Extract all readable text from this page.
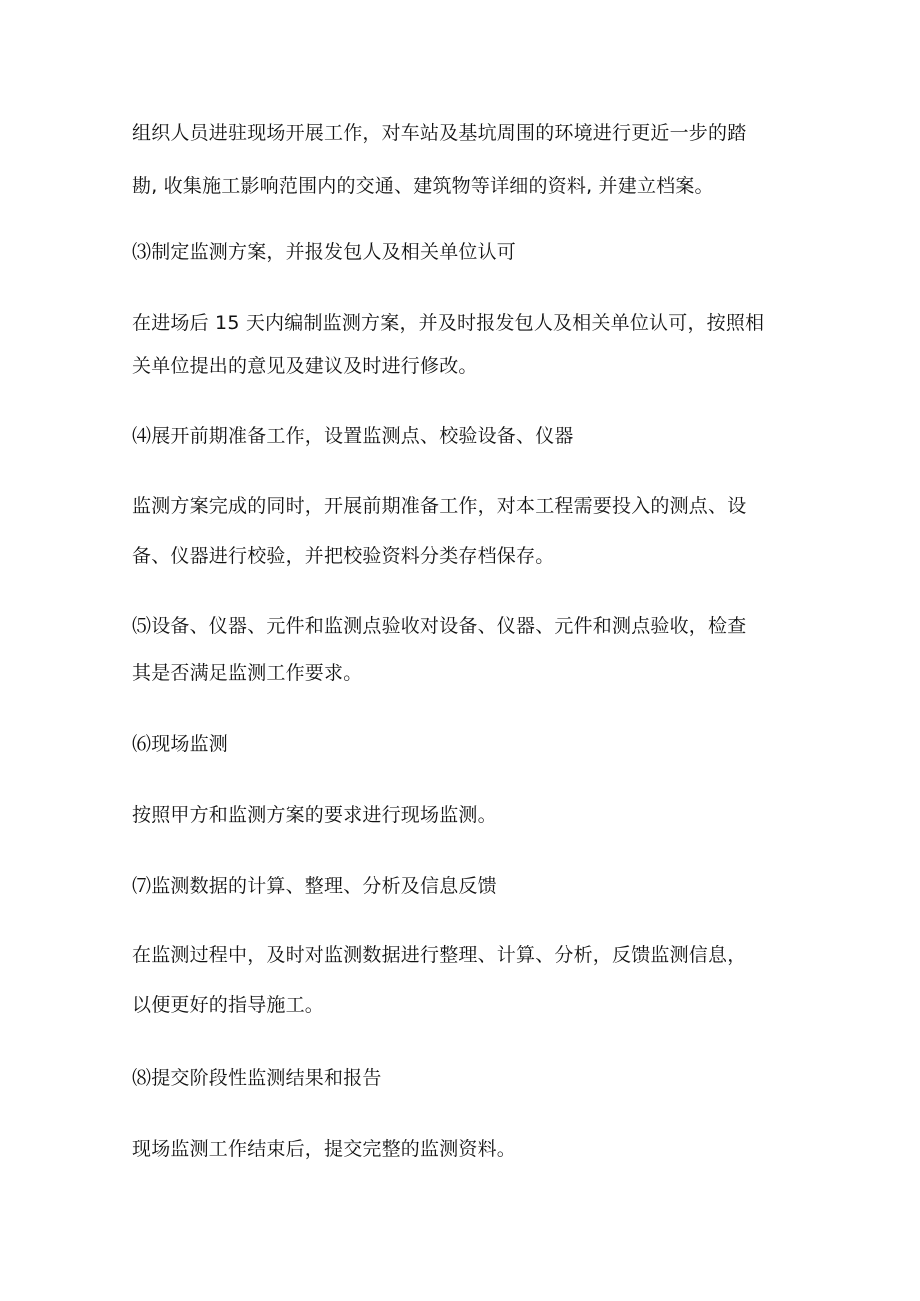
组织人员进驻现场开展工作，对车站及基坑周围的环境进行更近一步的踏
勘, 收集施工影响范围内的交通、建筑物等详细的资料, 并建立档案。
⑶制定监测方案，并报发包人及相关单位认可
在进场后 15 天内编制监测方案，并及时报发包人及相关单位认可，按照相
关单位提出的意见及建议及时进行修改。
⑷展开前期准备工作，设置监测点、校验设备、仪器
监测方案完成的同时，开展前期准备工作，对本工程需要投入的测点、设
备、仪器进行校验，并把校验资料分类存档保存。
⑸设备、仪器、元件和监测点验收对设备、仪器、元件和测点验收，检查
其是否满足监测工作要求。
⑹现场监测
按照甲方和监测方案的要求进行现场监测。
⑺监测数据的计算、整理、分析及信息反馈
在监测过程中，及时对监测数据进行整理、计算、分析，反馈监测信息，
以便更好的指导施工。
⑻提交阶段性监测结果和报告
现场监测工作结束后，提交完整的监测资料。
